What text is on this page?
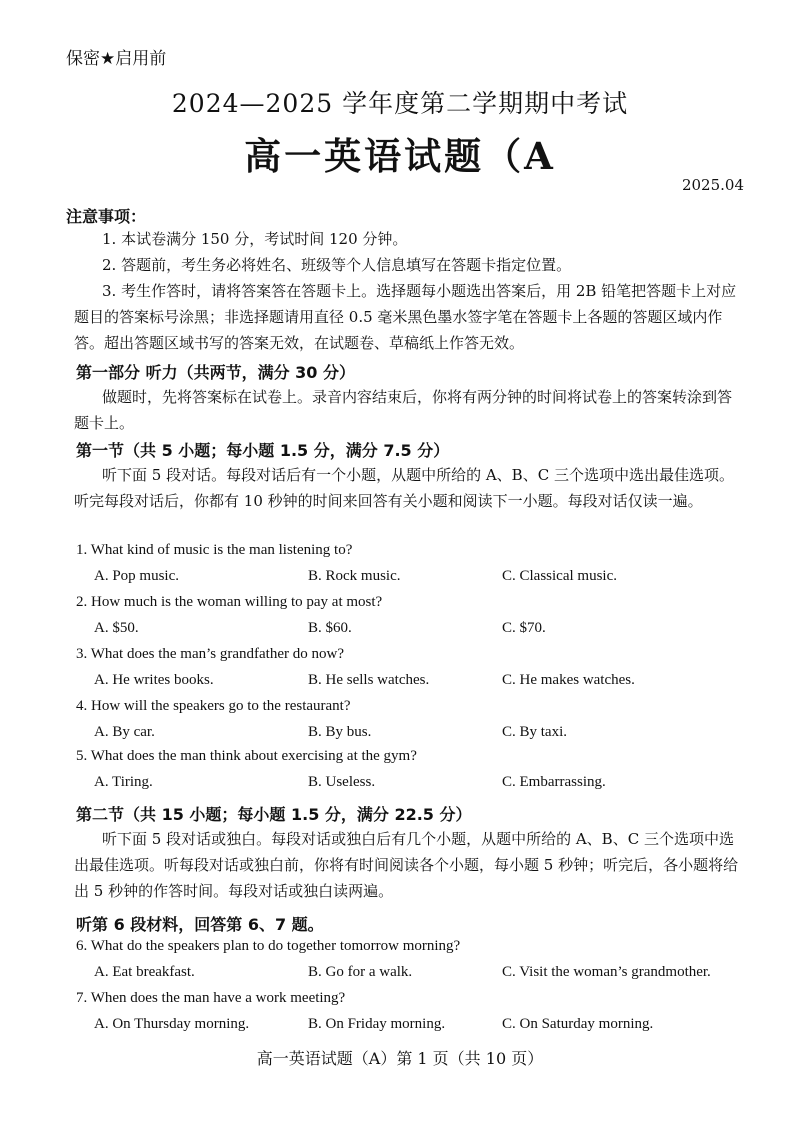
保密★启用前
2024—2025 学年度第二学期期中考试
高一英语试题（A
2025.04
注意事项：
1. 本试卷满分 150 分，考试时间 120 分钟。
2. 答题前，考生务必将姓名、班级等个人信息填写在答题卡指定位置。
3. 考生作答时，请将答案答在答题卡上。选择题每小题选出答案后，用 2B 铅笔把答题卡上对应题目的答案标号涂黑；非选择题请用直径 0.5 毫米黑色墨水签字笔在答题卡上各题的答题区域内作答。超出答题区域书写的答案无效，在试题卷、草稿纸上作答无效。
第一部分 听力（共两节，满分 30 分）
做题时，先将答案标在试卷上。录音内容结束后，你将有两分钟的时间将试卷上的答案转涂到答题卡上。
第一节（共 5 小题；每小题 1.5 分，满分 7.5 分）
听下面 5 段对话。每段对话后有一个小题，从题中所给的 A、B、C 三个选项中选出最佳选项。听完每段对话后，你都有 10 秒钟的时间来回答有关小题和阅读下一小题。每段对话仅读一遍。
1. What kind of music is the man listening to?
A. Pop music.	B. Rock music.	C. Classical music.
2. How much is the woman willing to pay at most?
A. $50.	B. $60.	C. $70.
3. What does the man’s grandfather do now?
A. He writes books.	B. He sells watches.	C. He makes watches.
4. How will the speakers go to the restaurant?
A. By car.	B. By bus.	C. By taxi.
5. What does the man think about exercising at the gym?
A. Tiring.	B. Useless.	C. Embarrassing.
第二节（共 15 小题；每小题 1.5 分，满分 22.5 分）
听下面 5 段对话或独白。每段对话或独白后有几个小题，从题中所给的 A、B、C 三个选项中选出最佳选项。听每段对话或独白前，你将有时间阅读各个小题，每小题 5 秒钟；听完后，各小题将给出 5 秒钟的作答时间。每段对话或独白读两遍。
听第 6 段材料，回答第 6、7 题。
6. What do the speakers plan to do together tomorrow morning?
A. Eat breakfast.	B. Go for a walk.	C. Visit the woman’s grandmother.
7. When does the man have a work meeting?
A. On Thursday morning.	B. On Friday morning.	C. On Saturday morning.
高一英语试题（A）第 1 页（共 10 页）
